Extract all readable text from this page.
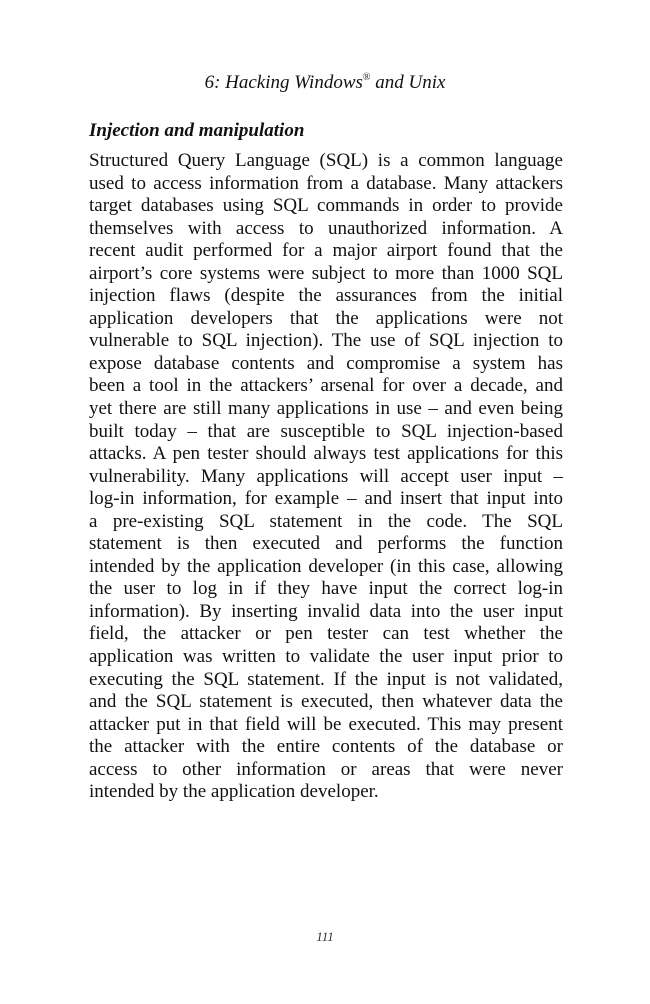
6: Hacking Windows® and Unix
Injection and manipulation
Structured Query Language (SQL) is a common language
used to access information from a database. Many attackers
target databases using SQL commands in order to provide
themselves with access to unauthorized information. A
recent audit performed for a major airport found that the
airport’s core systems were subject to more than 1000 SQL
injection flaws (despite the assurances from the initial
application developers that the applications were not
vulnerable to SQL injection). The use of SQL injection to
expose database contents and compromise a system has
been a tool in the attackers’ arsenal for over a decade, and
yet there are still many applications in use – and even being
built today – that are susceptible to SQL injection-based
attacks. A pen tester should always test applications for this
vulnerability. Many applications will accept user input –
log-in information, for example – and insert that input into
a pre-existing SQL statement in the code. The SQL
statement is then executed and performs the function
intended by the application developer (in this case, allowing
the user to log in if they have input the correct log-in
information). By inserting invalid data into the user input
field, the attacker or pen tester can test whether the
application was written to validate the user input prior to
executing the SQL statement. If the input is not validated,
and the SQL statement is executed, then whatever data the
attacker put in that field will be executed. This may present
the attacker with the entire contents of the database or
access to other information or areas that were never
intended by the application developer.
111
